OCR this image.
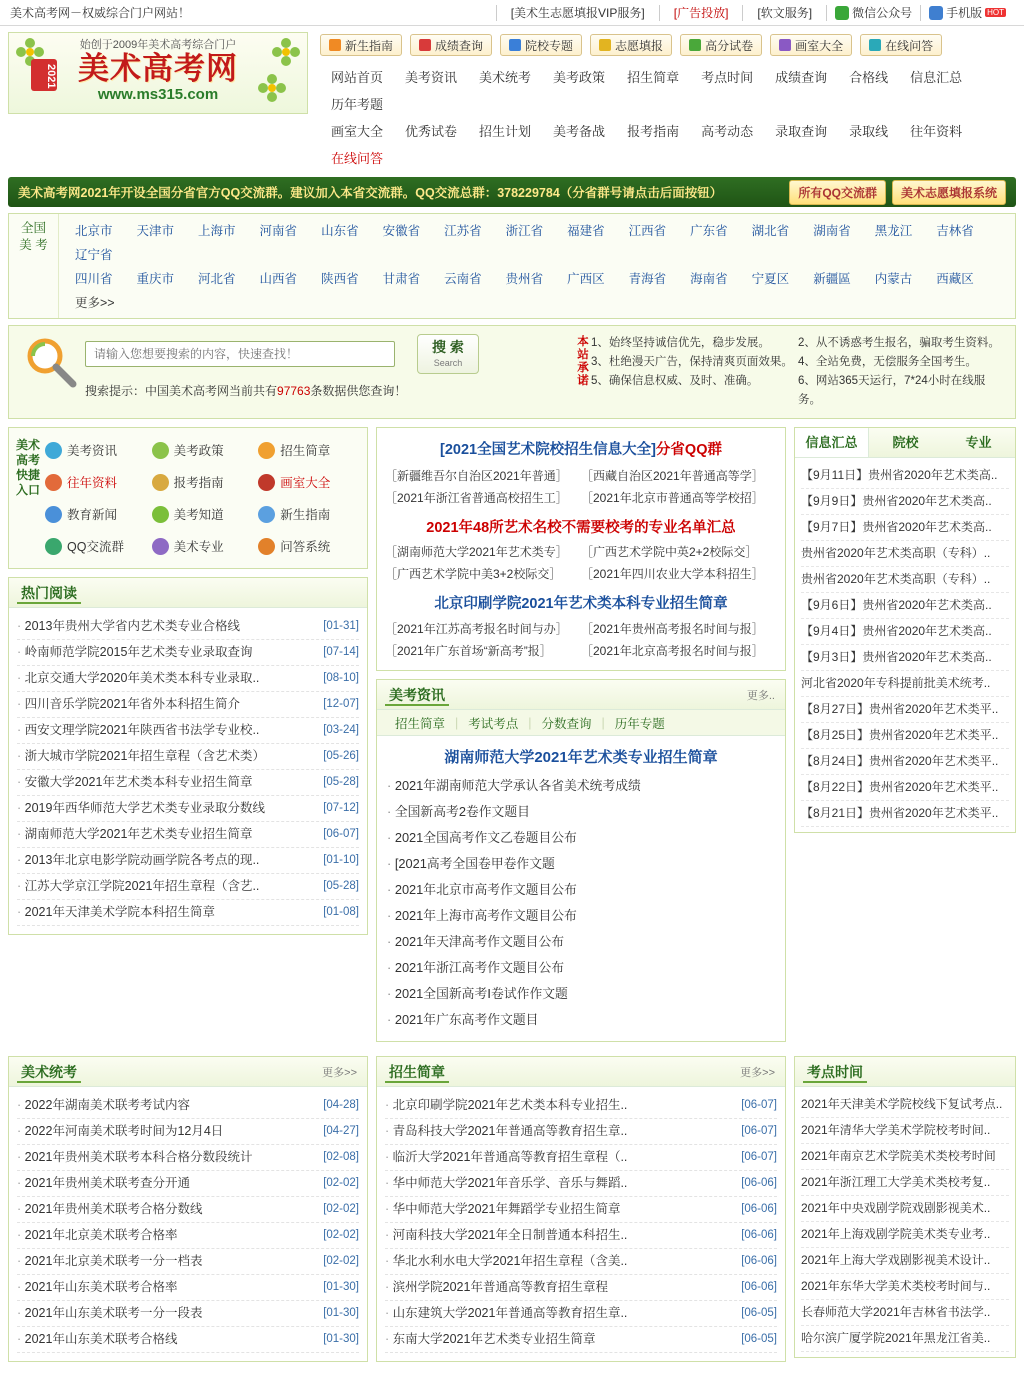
美术高考网－权威综合门户网站！	[美术生志愿填报VIP服务] [广告投放] [软文服务]	微信公众号	手机版 HOT
始创于2009年美术高考综合门户
2021 美术高考网
www.ms315.com
新生指南	成绩查询	院校专题	志愿填报	高分试卷	画室大全	在线问答
网站首页	美考资讯	美术统考	美考政策	招生简章	考点时间	成绩查询	合格线	信息汇总
历年考题
画室大全	优秀试卷	招生计划	美考备战	报考指南	高考动态	录取查询	录取线	往年资料
在线问答
美术高考网2021年开设全国分省官方QQ交流群。建议加入本省交流群。QQ交流总群：378229784（分省群号请点击后面按钮）	所有QQ交流群	美术志愿填报系统
全国
美 考
北京市	天津市	上海市	河南省	山东省	安徽省	江苏省	浙江省	福建省	江西省	广东省	湖北省	湖南省	黑龙江	吉林省
辽宁省
四川省	重庆市	河北省	山西省	陕西省	甘肃省	云南省	贵州省	广西区	青海省	海南省	宁夏区	新疆區	内蒙古	西藏区
更多>>
请输入您想要搜索的内容，快速查找！
搜 索
Search
搜索提示：中国美术高考网当前共有97763条数据供您查询！
本站承诺
1、始终坚持诚信优先，稳步发展。	2、从不诱惑考生报名，骗取考生资料。
3、杜绝漫天广告，保持清爽页面效果。 4、全站免费，无偿服务全国考生。
5、确保信息权威、及时、准确。	6、网站365天运行，7*24小时在线服务。
美术高考快捷入口
美考资讯	美考政策	招生简章
往年资料	报考指南	画室大全
教育新闻	美考知道	新生指南
QQ交流群	美术专业	问答系统
热门阅读
· 2013年贵州大学省内艺术类专业合格线	[01-31]
· 岭南师范学院2015年艺术类专业录取查询	[07-14]
· 北京交通大学2020年美术类本科专业录取..	[08-10]
· 四川音乐学院2021年省外本科招生简介	[12-07]
· 西安文理学院2021年陕西省书法学专业校..	[03-24]
· 浙大城市学院2021年招生章程（含艺术类）	[05-26]
· 安徽大学2021年艺术类本科专业招生简章	[05-28]
· 2019年西华师范大学艺术类专业录取分数线	[07-12]
· 湖南师范大学2021年艺术类专业招生简章	[06-07]
· 2013年北京电影学院动画学院各考点的现..	[01-10]
· 江苏大学京江学院2021年招生章程（含艺..	[05-28]
· 2021年天津美术学院本科招生简章	[01-08]
[2021全国艺术院校招生信息大全]分省QQ群
［新疆维吾尔自治区2021年普通］	［西藏自治区2021年普通高等学］
［2021年浙江省普通高校招生工］	［2021年北京市普通高等学校招］
2021年48所艺术名校不需要校考的专业名单汇总
［湖南师范大学2021年艺术类专］	［广西艺术学院中英2+2校际交］
［广西艺术学院中美3+2校际交］	［2021年四川农业大学本科招生］
北京印刷学院2021年艺术类本科专业招生简章
［2021年江苏高考报名时间与办］	［2021年贵州高考报名时间与报］
［2021年广东首场“新高考”报］	［2021年北京高考报名时间与报］
美考资讯	更多..
招生简章 | 考试考点 | 分数查询 | 历年专题
湖南师范大学2021年艺术类专业招生简章
· 2021年湖南师范大学承认各省美术统考成绩
· 全国新高考2卷作文题目
· 2021全国高考作文乙卷题目公布
· [2021高考全国卷甲卷作文题
· 2021年北京市高考作文题目公布
· 2021年上海市高考作文题目公布
· 2021年天津高考作文题目公布
· 2021年浙江高考作文题目公布
· 2021全国新高考Ⅰ卷试作作文题
· 2021年广东高考作文题目
信息汇总	院校	专业
【9月11日】贵州省2020年艺术类高..
【9月9日】贵州省2020年艺术类高..
【9月7日】贵州省2020年艺术类高..
贵州省2020年艺术类高职（专科）..
贵州省2020年艺术类高职（专科）..
【9月6日】贵州省2020年艺术类高..
【9月4日】贵州省2020年艺术类高..
【9月3日】贵州省2020年艺术类高..
河北省2020年专科提前批美术统考..
【8月27日】贵州省2020年艺术类平..
【8月25日】贵州省2020年艺术类平..
【8月24日】贵州省2020年艺术类平..
【8月22日】贵州省2020年艺术类平..
【8月21日】贵州省2020年艺术类平..
美术统考	更多>>
· 2022年湖南美术联考考试内容	[04-28]
· 2022年河南美术联考时间为12月4日	[04-27]
· 2021年贵州美术联考本科合格分数段统计	[02-08]
· 2021年贵州美术联考查分开通	[02-02]
· 2021年贵州美术联考合格分数线	[02-02]
· 2021年北京美术联考合格率	[02-02]
· 2021年北京美术联考一分一档表	[02-02]
· 2021年山东美术联考合格率	[01-30]
· 2021年山东美术联考一分一段表	[01-30]
· 2021年山东美术联考合格线	[01-30]
招生简章	更多>>
· 北京印刷学院2021年艺术类本科专业招生..	[06-07]
· 青岛科技大学2021年普通高等教育招生章..	[06-07]
· 临沂大学2021年普通高等教育招生章程（..	[06-07]
· 华中师范大学2021年音乐学、音乐与舞蹈..	[06-06]
· 华中师范大学2021年舞蹈学专业招生简章	[06-06]
· 河南科技大学2021年全日制普通本科招生..	[06-06]
· 华北水利水电大学2021年招生章程（含美..	[06-06]
· 滨州学院2021年普通高等教育招生章程	[06-06]
· 山东建筑大学2021年普通高等教育招生章..	[06-05]
· 东南大学2021年艺术类专业招生简章	[06-05]
考点时间
2021年天津美术学院校线下复试考点..
2021年清华大学美术学院校考时间..
2021年南京艺术学院美术类校考时间
2021年浙江理工大学美术类校考复..
2021年中央戏剧学院戏剧影视美术..
2021年上海戏剧学院美术类专业考..
2021年上海大学戏剧影视美术设计..
2021年东华大学美术类校考时间与..
长春师范大学2021年吉林省书法学..
哈尔滨广厦学院2021年黑龙江省美..
